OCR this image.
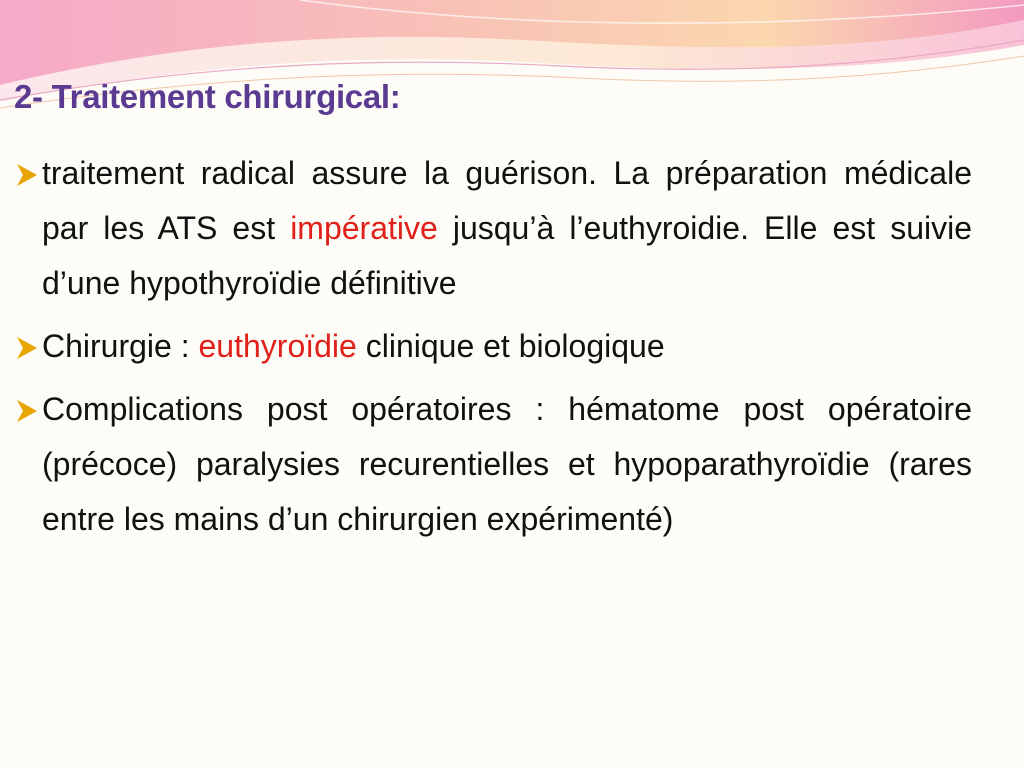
2- Traitement chirurgical:
traitement radical assure la guérison. La préparation médicale par les ATS est impérative jusqu’à l’euthyroidie. Elle est suivie d’une hypothyroïdie définitive
Chirurgie : euthyroïdie clinique et biologique
Complications post opératoires : hématome post opératoire (précoce) paralysies recurentielles et hypoparathyroïdie (rares entre les mains d’un chirurgien expérimenté)
